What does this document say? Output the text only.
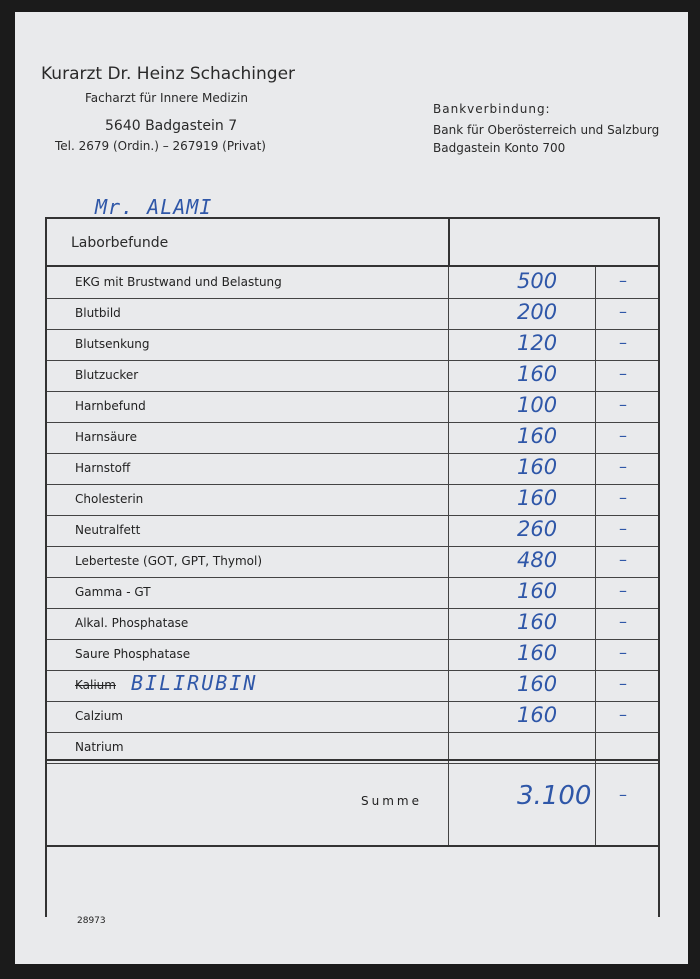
Kurarzt Dr. Heinz Schachinger
Facharzt für Innere Medizin
5640 Badgastein 7
Tel. 2679 (Ordin.) – 267919 (Privat)
Bankverbindung:
Bank für Oberösterreich und Salzburg
Badgastein Konto 700
Mr. ALAMI
Laborbefunde
EKG mit Brustwand und Belastung	500	–
Blutbild	200	–
Blutsenkung	120	–
Blutzucker	160	–
Harnbefund	100	–
Harnsäure	160	–
Harnstoff	160	–
Cholesterin	160	–
Neutralfett	260	–
Leberteste (GOT, GPT, Thymol)	480	–
Gamma - GT	160	–
Alkal. Phosphatase	160	–
Saure Phosphatase	160	–
Kalium BILIRUBIN	160	–
Calzium	160	–
Natrium
Summe	3.100 –
28973
